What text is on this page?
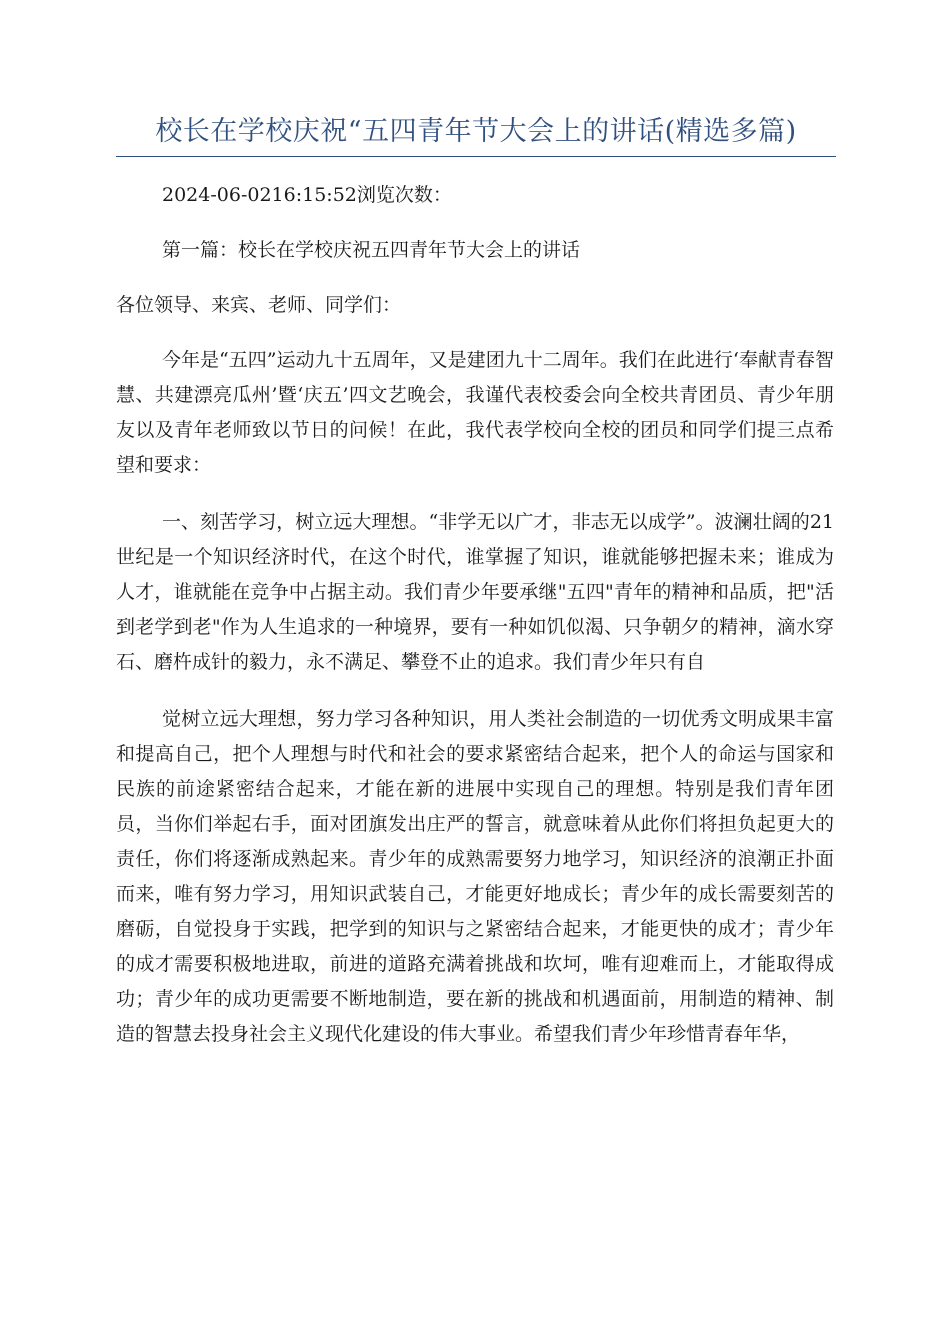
校长在学校庆祝“五四青年节大会上的讲话(精选多篇)

2024-06-0216:15:52浏览次数：

第一篇：校长在学校庆祝五四青年节大会上的讲话

各位领导、来宾、老师、同学们：

今年是“五四”运动九十五周年，又是建团九十二周年。我们在此进行‘奉献青春智慧、共建漂亮瓜州’暨‘庆五’四文艺晚会，我谨代表校委会向全校共青团员、青少年朋友以及青年老师致以节日的问候！在此，我代表学校向全校的团员和同学们提三点希望和要求：

一、刻苦学习，树立远大理想。“非学无以广才，非志无以成学”。波澜壮阔的21世纪是一个知识经济时代，在这个时代，谁掌握了知识，谁就能够把握未来；谁成为人才，谁就能在竞争中占据主动。我们青少年要承继"五四"青年的精神和品质，把"活到老学到老"作为人生追求的一种境界，要有一种如饥似渴、只争朝夕的精神，滴水穿石、磨杵成针的毅力，永不满足、攀登不止的追求。我们青少年只有自

觉树立远大理想，努力学习各种知识，用人类社会制造的一切优秀文明成果丰富和提高自己，把个人理想与时代和社会的要求紧密结合起来，把个人的命运与国家和民族的前途紧密结合起来，才能在新的进展中实现自己的理想。特别是我们青年团员，当你们举起右手，面对团旗发出庄严的誓言，就意味着从此你们将担负起更大的责任，你们将逐渐成熟起来。青少年的成熟需要努力地学习，知识经济的浪潮正扑面而来，唯有努力学习，用知识武装自己，才能更好地成长；青少年的成长需要刻苦的磨砺，自觉投身于实践，把学到的知识与之紧密结合起来，才能更快的成才；青少年的成才需要积极地进取，前进的道路充满着挑战和坎坷，唯有迎难而上，才能取得成功；青少年的成功更需要不断地制造，要在新的挑战和机遇面前，用制造的精神、制造的智慧去投身社会主义现代化建设的伟大事业。希望我们青少年珍惜青春年华，
